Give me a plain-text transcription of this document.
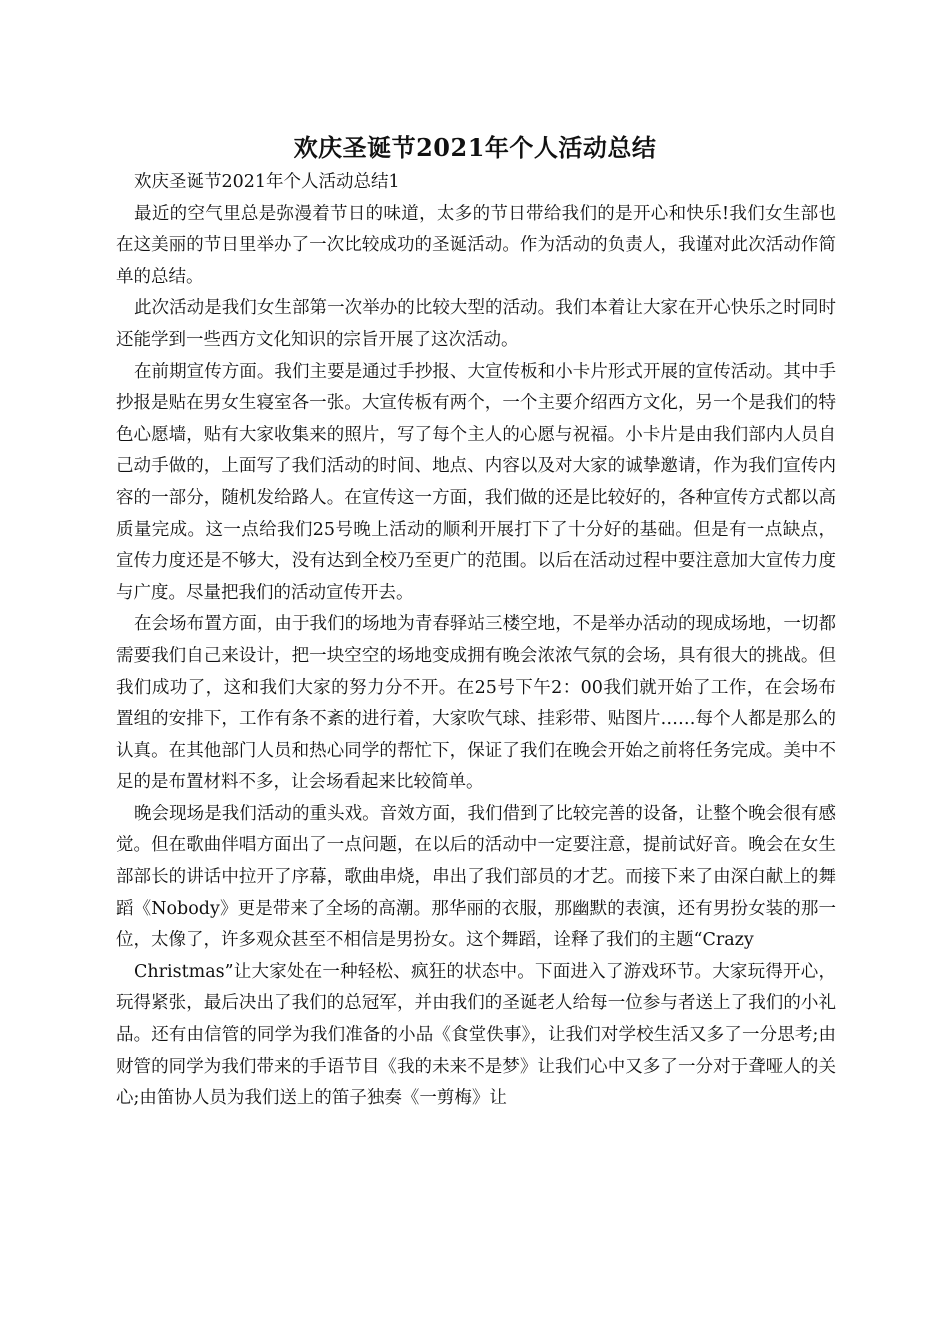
欢庆圣诞节2021年个人活动总结

欢庆圣诞节2021年个人活动总结1

最近的空气里总是弥漫着节日的味道，太多的节日带给我们的是开心和快乐!我们女生部也在这美丽的节日里举办了一次比较成功的圣诞活动。作为活动的负责人，我谨对此次活动作简单的总结。

此次活动是我们女生部第一次举办的比较大型的活动。我们本着让大家在开心快乐之时同时还能学到一些西方文化知识的宗旨开展了这次活动。

在前期宣传方面。我们主要是通过手抄报、大宣传板和小卡片形式开展的宣传活动。其中手抄报是贴在男女生寝室各一张。大宣传板有两个，一个主要介绍西方文化，另一个是我们的特色心愿墙，贴有大家收集来的照片，写了每个主人的心愿与祝福。小卡片是由我们部内人员自己动手做的，上面写了我们活动的时间、地点、内容以及对大家的诚挚邀请，作为我们宣传内容的一部分，随机发给路人。在宣传这一方面，我们做的还是比较好的，各种宣传方式都以高质量完成。这一点给我们25号晚上活动的顺利开展打下了十分好的基础。但是有一点缺点，宣传力度还是不够大，没有达到全校乃至更广的范围。以后在活动过程中要注意加大宣传力度与广度。尽量把我们的活动宣传开去。

在会场布置方面，由于我们的场地为青春驿站三楼空地，不是举办活动的现成场地，一切都需要我们自己来设计，把一块空空的场地变成拥有晚会浓浓气氛的会场，具有很大的挑战。但我们成功了，这和我们大家的努力分不开。在25号下午2：00我们就开始了工作，在会场布置组的安排下，工作有条不紊的进行着，大家吹气球、挂彩带、贴图片……每个人都是那么的认真。在其他部门人员和热心同学的帮忙下，保证了我们在晚会开始之前将任务完成。美中不足的是布置材料不多，让会场看起来比较简单。

晚会现场是我们活动的重头戏。音效方面，我们借到了比较完善的设备，让整个晚会很有感觉。但在歌曲伴唱方面出了一点问题，在以后的活动中一定要注意，提前试好音。晚会在女生部部长的讲话中拉开了序幕，歌曲串烧，串出了我们部员的才艺。而接下来了由深白献上的舞蹈《Nobody》更是带来了全场的高潮。那华丽的衣服，那幽默的表演，还有男扮女装的那一位，太像了，许多观众甚至不相信是男扮女。这个舞蹈，诠释了我们的主题“Crazy

Christmas”让大家处在一种轻松、疯狂的状态中。下面进入了游戏环节。大家玩得开心，玩得紧张，最后决出了我们的总冠军，并由我们的圣诞老人给每一位参与者送上了我们的小礼品。还有由信管的同学为我们准备的小品《食堂佚事》，让我们对学校生活又多了一分思考;由财管的同学为我们带来的手语节目《我的未来不是梦》让我们心中又多了一分对于聋哑人的关心;由笛协人员为我们送上的笛子独奏《一剪梅》让
